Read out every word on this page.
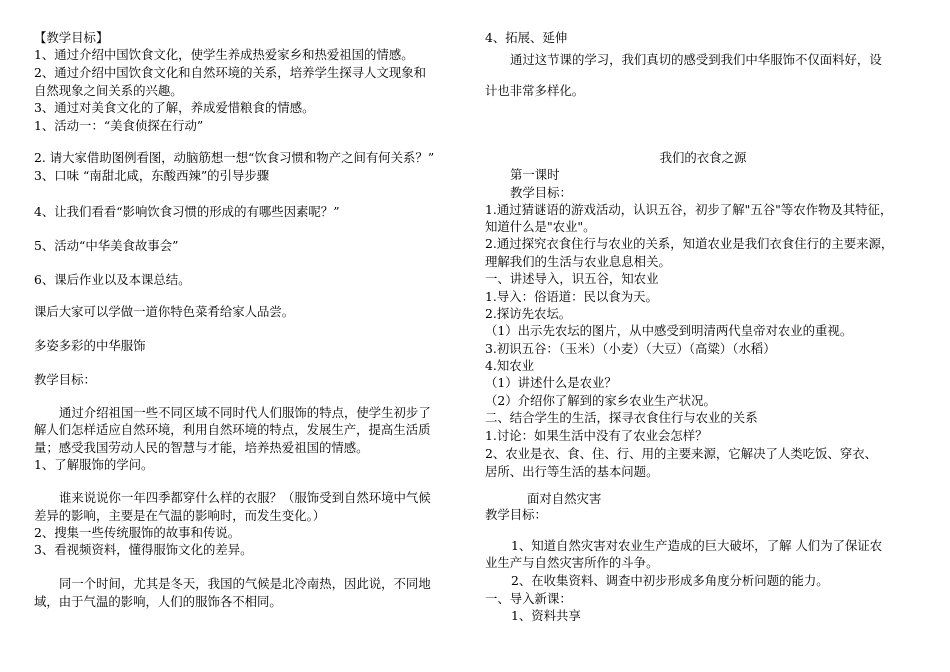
【教学目标】
1、通过介绍中国饮食文化，使学生养成热爱家乡和热爱祖国的情感。
2、通过介绍中国饮食文化和自然环境的关系，培养学生探寻人文现象和
自然现象之间关系的兴趣。
3、通过对美食文化的了解，养成爱惜粮食的情感。
1、活动一：“美食侦探在行动”
2. 请大家借助图例看图，动脑筋想一想“饮食习惯和物产之间有何关系？”
3、口味 “南甜北咸，东酸西辣”的引导步骤
4、让我们看看“影响饮食习惯的形成的有哪些因素呢？”
5、活动“中华美食故事会”
6、课后作业以及本课总结。
课后大家可以学做一道你特色菜肴给家人品尝。
多姿多彩的中华服饰
教学目标：
通过介绍祖国一些不同区域不同时代人们服饰的特点，使学生初步了
解人们怎样适应自然环境，利用自然环境的特点，发展生产，提高生活质
量；感受我国劳动人民的智慧与才能，培养热爱祖国的情感。
1、了解服饰的学问。
谁来说说你一年四季都穿什么样的衣服？（服饰受到自然环境中气候
差异的影响，主要是在气温的影响时，而发生变化。）
2、搜集一些传统服饰的故事和传说。
3、看视频资料，懂得服饰文化的差异。
同一个时间，尤其是冬天，我国的气候是北冷南热，因此说，不同地
域，由于气温的影响，人们的服饰各不相同。
4、拓展、延伸
通过这节课的学习，我们真切的感受到我们中华服饰不仅面料好，设
计也非常多样化。
我们的衣食之源
第一课时
教学目标：
1.通过猜谜语的游戏活动，认识五谷，初步了解"五谷"等农作物及其特征，
知道什么是"农业"。
2.通过探究衣食住行与农业的关系，知道农业是我们衣食住行的主要来源，
理解我们的生活与农业息息相关。
一、讲述导入，识五谷，知农业
1.导入：俗语道：民以食为天。
2.探访先农坛。
（1）出示先农坛的图片，从中感受到明清两代皇帝对农业的重视。
3.初识五谷：（玉米）（小麦）（大豆）（高粱）（水稻）
4.知农业
（1）讲述什么是农业？
（2）介绍你了解到的家乡农业生产状况。
二、结合学生的生活，探寻衣食住行与农业的关系
1.讨论：如果生活中没有了农业会怎样？
2、农业是衣、食、住、行、用的主要来源，它解决了人类吃饭、穿衣、
居所、出行等生活的基本问题。
面对自然灾害
教学目标：
1、知道自然灾害对农业生产造成的巨大破坏，了解 人们为了保证农
业生产与自然灾害所作的斗争。
2、在收集资料、调查中初步形成多角度分析问题的能力。
一、导入新课：
1、资料共享
